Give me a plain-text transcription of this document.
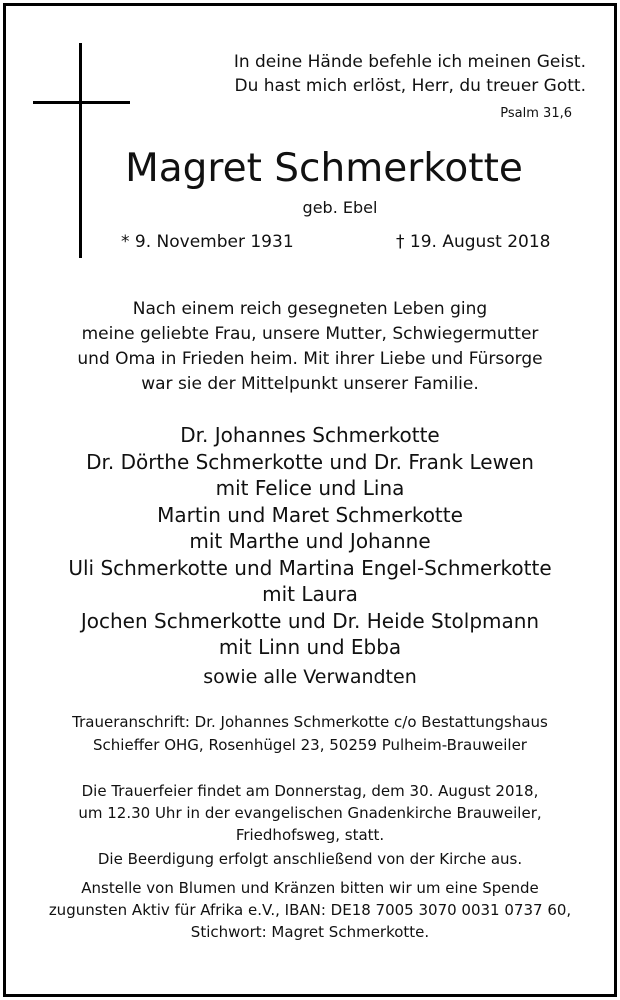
In deine Hände befehle ich meinen Geist.
Du hast mich erlöst, Herr, du treuer Gott.
Psalm 31,6
Magret Schmerkotte
geb. Ebel
* 9. November 1931	† 19. August 2018
Nach einem reich gesegneten Leben ging
meine geliebte Frau, unsere Mutter, Schwiegermutter
und Oma in Frieden heim. Mit ihrer Liebe und Fürsorge
war sie der Mittelpunkt unserer Familie.
Dr. Johannes Schmerkotte
Dr. Dörthe Schmerkotte und Dr. Frank Lewen
mit Felice und Lina
Martin und Maret Schmerkotte
mit Marthe und Johanne
Uli Schmerkotte und Martina Engel-Schmerkotte
mit Laura
Jochen Schmerkotte und Dr. Heide Stolpmann
mit Linn und Ebba
sowie alle Verwandten
Traueranschrift: Dr. Johannes Schmerkotte c/o Bestattungshaus
Schieffer OHG, Rosenhügel 23, 50259 Pulheim-Brauweiler
Die Trauerfeier findet am Donnerstag, dem 30. August 2018,
um 12.30 Uhr in der evangelischen Gnadenkirche Brauweiler,
Friedhofsweg, statt.
Die Beerdigung erfolgt anschließend von der Kirche aus.
Anstelle von Blumen und Kränzen bitten wir um eine Spende
zugunsten Aktiv für Afrika e.V., IBAN: DE18 7005 3070 0031 0737 60,
Stichwort: Magret Schmerkotte.
